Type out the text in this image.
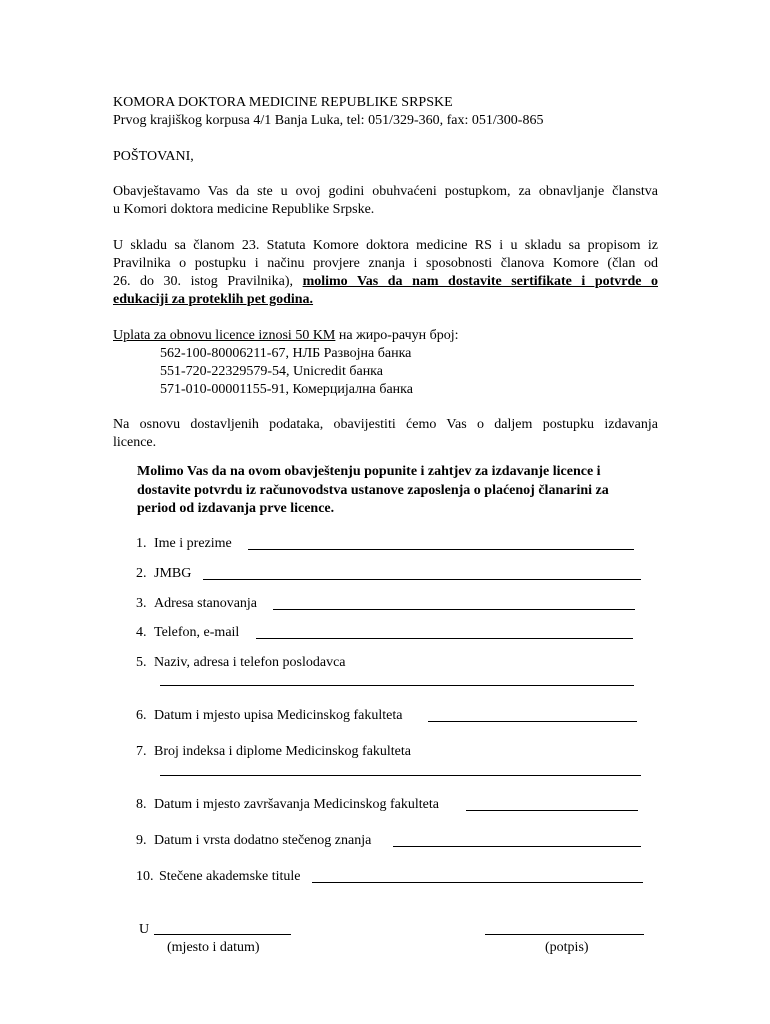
KOMORA DOKTORA MEDICINE REPUBLIKE SRPSKE
Prvog krajiškog korpusa 4/1 Banja Luka, tel: 051/329-360, fax: 051/300-865
POŠTOVANI,
Obavještavamo Vas da ste u ovoj godini obuhvaćeni postupkom, za obnavljanje članstva
u Komori doktora medicine Republike Srpske.
U skladu sa članom 23. Statuta Komore doktora medicine RS i u skladu sa propisom iz
Pravilnika o postupku i načinu provjere znanja i sposobnosti članova Komore (član od
26. do 30. istog Pravilnika), molimo Vas da nam dostavite sertifikate i potvrde o
edukaciji za proteklih pet godina.
Uplata za obnovu licence iznosi 50 KM на жиро-рачун број:
562-100-80006211-67, НЛБ Развојна банка
551-720-22329579-54, Unicredit банка
571-010-00001155-91, Комерцијална банка
Na osnovu dostavljenih podataka, obavijestiti ćemo Vas o daljem postupku izdavanja
licence.
Molimo Vas da na ovom obavještenju popunite i zahtjev za izdavanje licence i
dostavite potvrdu iz računovodstva ustanove zaposlenja o plaćenoj članarini za
period od izdavanja prve licence.
1. Ime i prezime
2. JMBG
3. Adresa stanovanja
4. Telefon, e-mail
5. Naziv, adresa i telefon poslodavca
6. Datum i mjesto upisa Medicinskog fakulteta
7. Broj indeksa i diplome Medicinskog fakulteta
8. Datum i mjesto završavanja Medicinskog fakulteta
9. Datum i vrsta dodatno stečenog znanja
10. Stečene akademske titule
U
(mjesto i datum)	(potpis)
